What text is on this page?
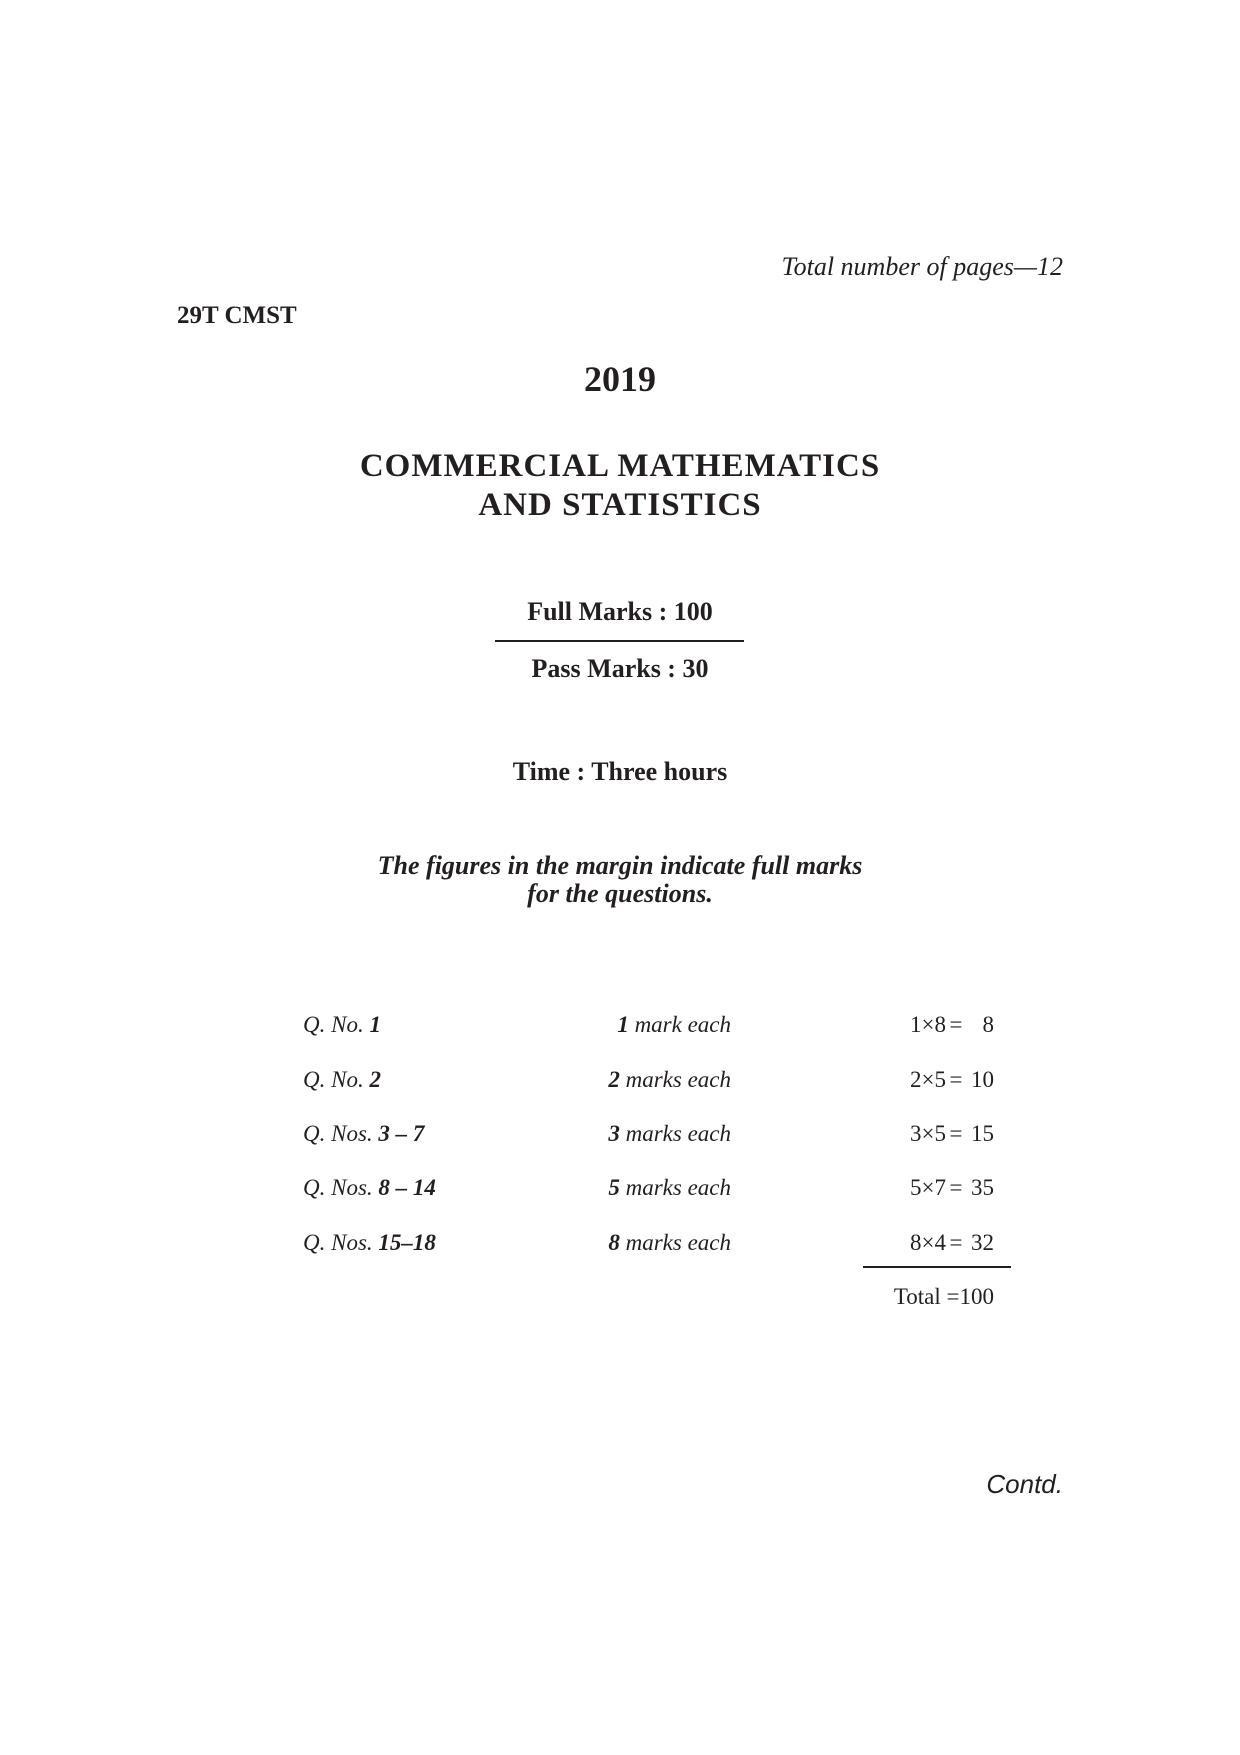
Total number of pages—12
29T CMST
2019
COMMERCIAL MATHEMATICS
AND STATISTICS
Full Marks : 100
Pass Marks : 30
Time : Three hours
The figures in the margin indicate full marks
for the questions.
Q. No. 1	1 mark each	1×8 = 8
Q. No. 2	2 marks each	2×5 = 10
Q. Nos. 3 – 7	3 marks each	3×5 = 15
Q. Nos. 8 – 14	5 marks each	5×7 = 35
Q. Nos. 15–18	8 marks each	8×4 = 32
Total =100
Contd.
